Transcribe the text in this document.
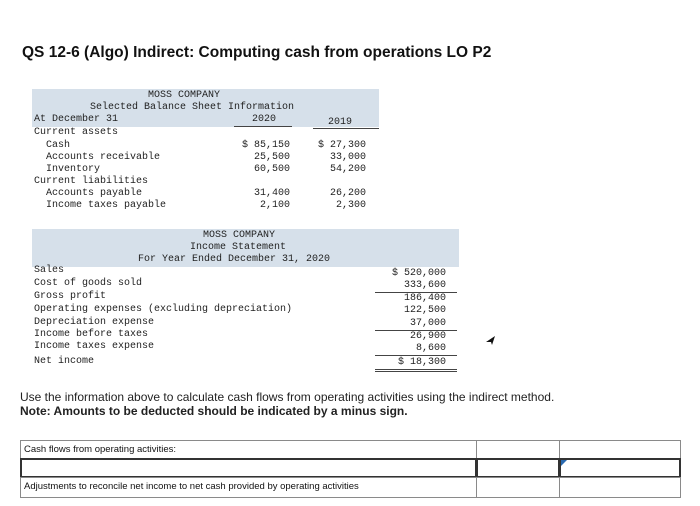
QS 12-6 (Algo) Indirect: Computing cash from operations LO P2
MOSS COMPANY
Selected Balance Sheet Information
At December 31	2020	2019
Current assets
Cash	$ 85,150	$ 27,300
Accounts receivable	25,500	33,000
Inventory	60,500	54,200
Current liabilities
Accounts payable	31,400	26,200
Income taxes payable	2,100	2,300
MOSS COMPANY
Income Statement
For Year Ended December 31, 2020
Sales	$ 520,000
Cost of goods sold	333,600
Gross profit	186,400
Operating expenses (excluding depreciation)	122,500
Depreciation expense	37,000
Income before taxes	26,900
Income taxes expense	8,600
Net income	$ 18,300
Use the information above to calculate cash flows from operating activities using the indirect method.
Note: Amounts to be deducted should be indicated by a minus sign.
Cash flows from operating activities:
Adjustments to reconcile net income to net cash provided by operating activities
